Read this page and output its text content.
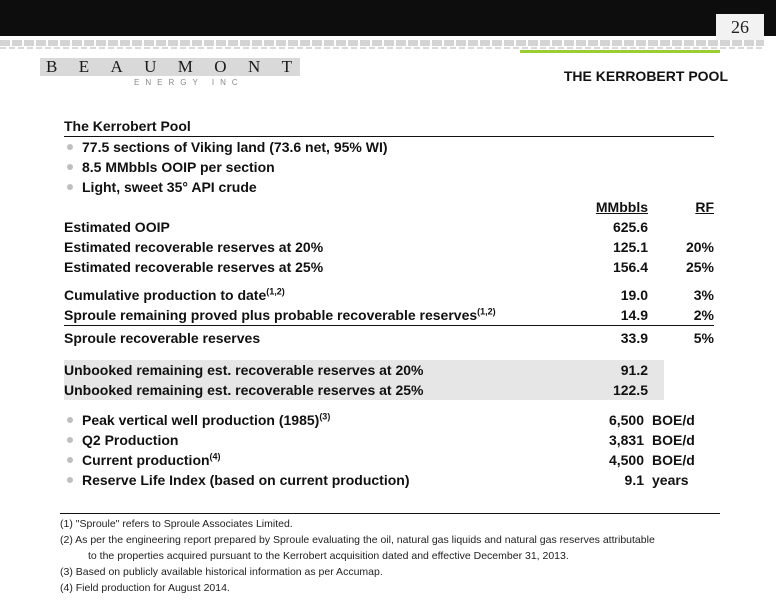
26
B E A U M O N T
ENERGY INC	THE KERROBERT POOL
The Kerrobert Pool
77.5 sections of Viking land (73.6 net, 95% WI)
8.5 MMbbls OOIP per section
Light, sweet 35° API crude
MMbbls	RF
Estimated OOIP	625.6
Estimated recoverable reserves at 20%	125.1	20%
Estimated recoverable reserves at 25%	156.4	25%
Cumulative production to date$^{(1,2)}$	19.0	3%
Sproule remaining proved plus probable recoverable reserves$^{(1,2)}$	14.9	2%
Sproule recoverable reserves	33.9	5%
Unbooked remaining est. recoverable reserves at 20%	91.2
Unbooked remaining est. recoverable reserves at 25%	122.5
Peak vertical well production $(1985)^{(3)}$	6,500 BOE/d
Q2 Production	3,831 BOE/d
Current production$^{(4)}$	4,500 BOE/d
Reserve Life Index (based on current production)	9.1 years
(1) "Sproule" refers to Sproule Associates Limited.
(2) As per the engineering report prepared by Sproule evaluating the oil, natural gas liquids and natural gas reserves attributable
to the properties acquired pursuant to the Kerrobert acquisition dated and effective December 31, 2013.
(3) Based on publicly available historical information as per Accumap.
(4) Field production for August 2014.
